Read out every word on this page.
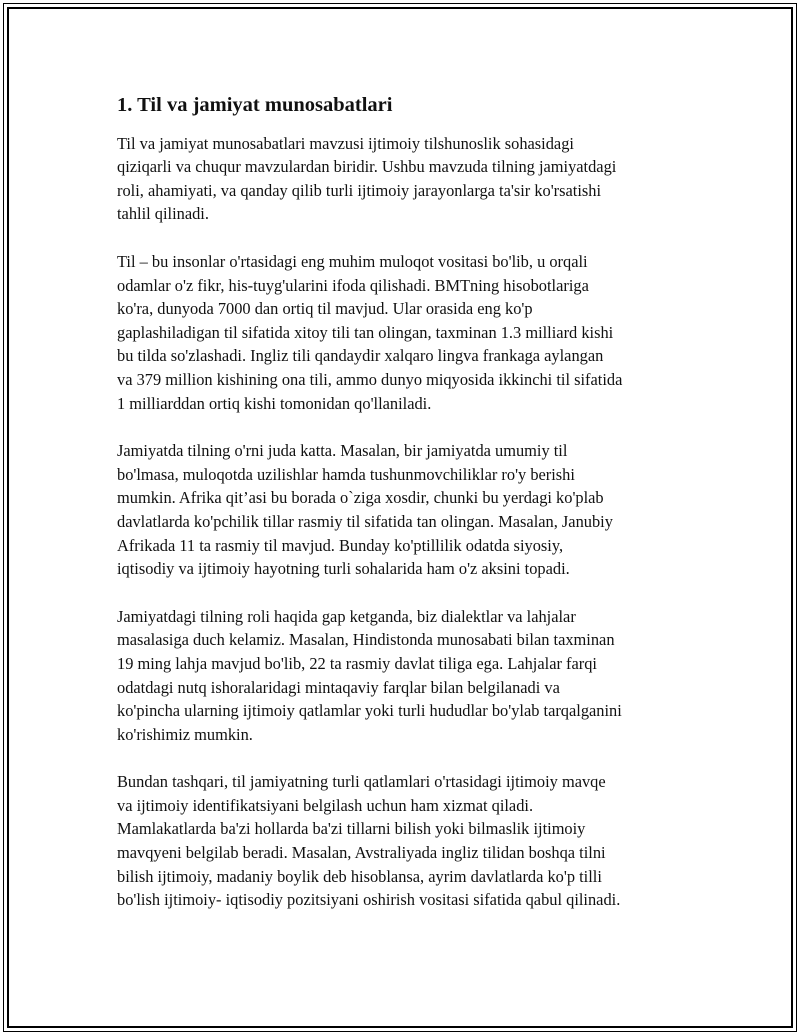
1. Til va jamiyat munosabatlari

Til va jamiyat munosabatlari mavzusi ijtimoiy tilshunoslik sohasidagi
qiziqarli va chuqur mavzulardan biridir. Ushbu mavzuda tilning jamiyatdagi
roli, ahamiyati, va qanday qilib turli ijtimoiy jarayonlarga ta'sir ko'rsatishi
tahlil qilinadi.

Til – bu insonlar o'rtasidagi eng muhim muloqot vositasi bo'lib, u orqali
odamlar o'z fikr, his-tuyg'ularini ifoda qilishadi. BMTning hisobotlariga
ko'ra, dunyoda 7000 dan ortiq til mavjud. Ular orasida eng ko'p
gaplashiladigan til sifatida xitoy tili tan olingan, taxminan 1.3 milliard kishi
bu tilda so'zlashadi. Ingliz tili qandaydir xalqaro lingva frankaga aylangan
va 379 million kishining ona tili, ammo dunyo miqyosida ikkinchi til sifatida
1 milliarddan ortiq kishi tomonidan qo'llaniladi.

Jamiyatda tilning o'rni juda katta. Masalan, bir jamiyatda umumiy til
bo'lmasa, muloqotda uzilishlar hamda tushunmovchiliklar ro'y berishi
mumkin. Afrika qit’asi bu borada o`ziga xosdir, chunki bu yerdagi ko'plab
davlatlarda ko'pchilik tillar rasmiy til sifatida tan olingan. Masalan, Janubiy
Afrikada 11 ta rasmiy til mavjud. Bunday ko'ptillilik odatda siyosiy,
iqtisodiy va ijtimoiy hayotning turli sohalarida ham o'z aksini topadi.

Jamiyatdagi tilning roli haqida gap ketganda, biz dialektlar va lahjalar
masalasiga duch kelamiz. Masalan, Hindistonda munosabati bilan taxminan
19 ming lahja mavjud bo'lib, 22 ta rasmiy davlat tiliga ega. Lahjalar farqi
odatdagi nutq ishoralaridagi mintaqaviy farqlar bilan belgilanadi va
ko'pincha ularning ijtimoiy qatlamlar yoki turli hududlar bo'ylab tarqalganini
ko'rishimiz mumkin.

Bundan tashqari, til jamiyatning turli qatlamlari o'rtasidagi ijtimoiy mavqe
va ijtimoiy identifikatsiyani belgilash uchun ham xizmat qiladi.
Mamlakatlarda ba'zi hollarda ba'zi tillarni bilish yoki bilmaslik ijtimoiy
mavqyeni belgilab beradi. Masalan, Avstraliyada ingliz tilidan boshqa tilni
bilish ijtimoiy, madaniy boylik deb hisoblansa, ayrim davlatlarda ko'p tilli
bo'lish ijtimoiy- iqtisodiy pozitsiyani oshirish vositasi sifatida qabul qilinadi.
